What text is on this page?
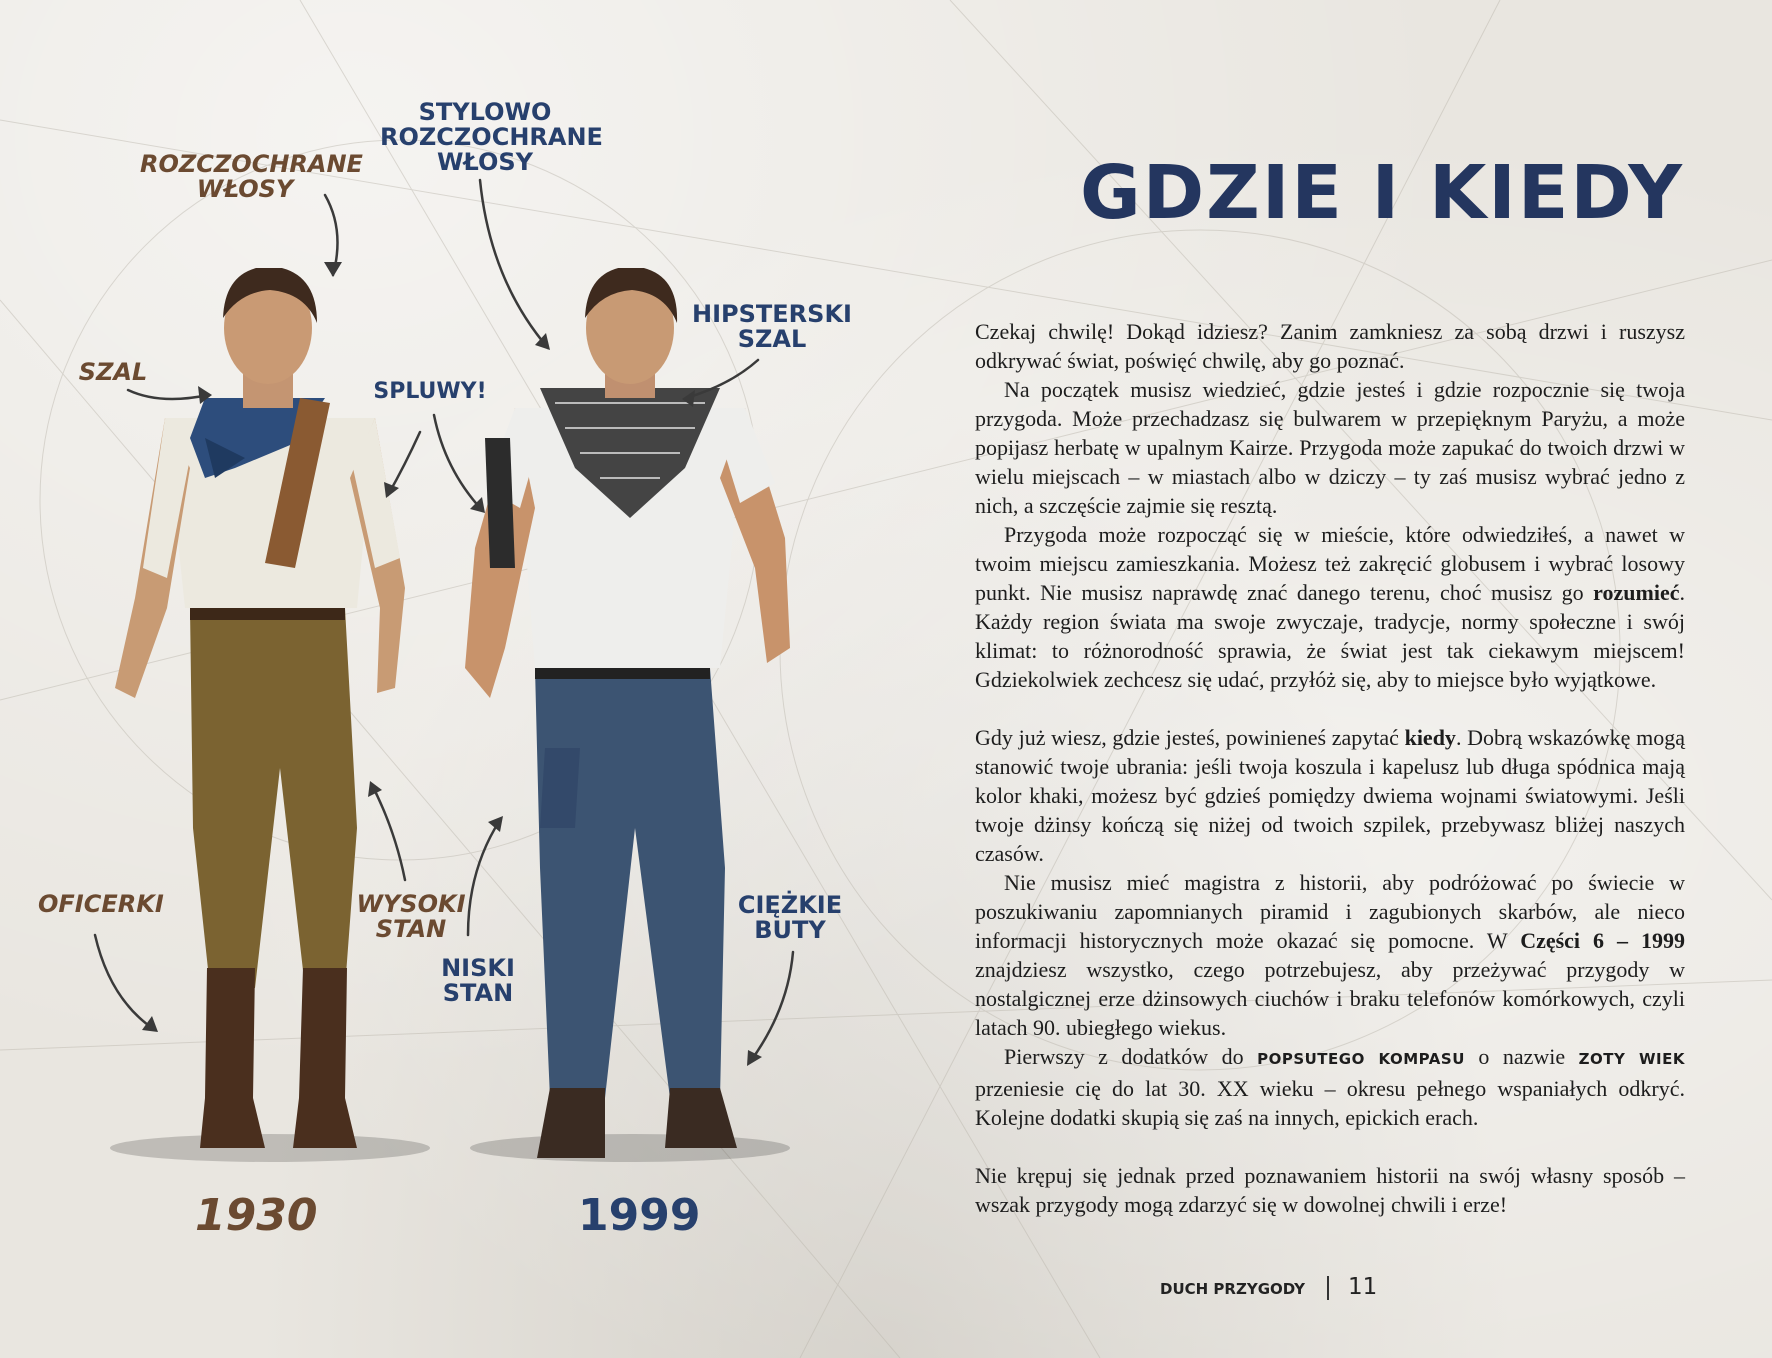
ROZCZOCHRANE WŁOSY
SZAL
SPLUWY!
OFICERKI	WYSOKI STAN
STYLOWO ROZCZOCHRANE WŁOSY
HIPSTERSKI SZAL
NISKI STAN
CIĘŻKIE BUTY
1930	1999
GDZIE I KIEDY

Czekaj chwilę! Dokąd idziesz? Zanim zamkniesz za sobą drzwi i ruszysz odkrywać świat, poświęć chwilę, aby go poznać.

Na początek musisz wiedzieć, gdzie jesteś i gdzie rozpocznie się twoja przygoda. Może przechadzasz się bulwarem w przepięknym Paryżu, a może popijasz herbatę w upalnym Kairze. Przygoda może zapukać do twoich drzwi w wielu miejscach – w miastach albo w dziczy – ty zaś musisz wybrać jedno z nich, a szczęście zajmie się resztą.

Przygoda może rozpocząć się w mieście, które odwiedziłeś, a nawet w twoim miejscu zamieszkania. Możesz też zakręcić globusem i wybrać losowy punkt. Nie musisz naprawdę znać danego terenu, choć musisz go rozumieć. Każdy region świata ma swoje zwyczaje, tradycje, normy społeczne i swój klimat: to różnorodność sprawia, że świat jest tak ciekawym miejscem! Gdziekolwiek zechcesz się udać, przyłóż się, aby to miejsce było wyjątkowe.

Gdy już wiesz, gdzie jesteś, powinieneś zapytać kiedy. Dobrą wskazówkę mogą stanowić twoje ubrania: jeśli twoja koszula i kapelusz lub długa spódnica mają kolor khaki, możesz być gdzieś pomiędzy dwiema wojnami światowymi. Jeśli twoje dżinsy kończą się niżej od twoich szpilek, przebywasz bliżej naszych czasów.

Nie musisz mieć magistra z historii, aby podróżować po świecie w poszukiwaniu zapomnianych piramid i zagubionych skarbów, ale nieco informacji historycznych może okazać się pomocne. W Części 6 – 1999 znajdziesz wszystko, czego potrzebujesz, aby przeżywać przygody w nostalgicznej erze dżinsowych ciuchów i braku telefonów komórkowych, czyli latach 90. ubiegłego wiekus.

Pierwszy z dodatków do POPSUTEGO KOMPASU o nazwie ZOTY WIEK przeniesie cię do lat 30. XX wieku – okresu pełnego wspaniałych odkryć. Kolejne dodatki skupią się zaś na innych, epickich erach.

Nie krępuj się jednak przed poznawaniem historii na swój własny sposób – wszak przygody mogą zdarzyć się w dowolnej chwili i erze!

DUCH PRZYGODY 11
